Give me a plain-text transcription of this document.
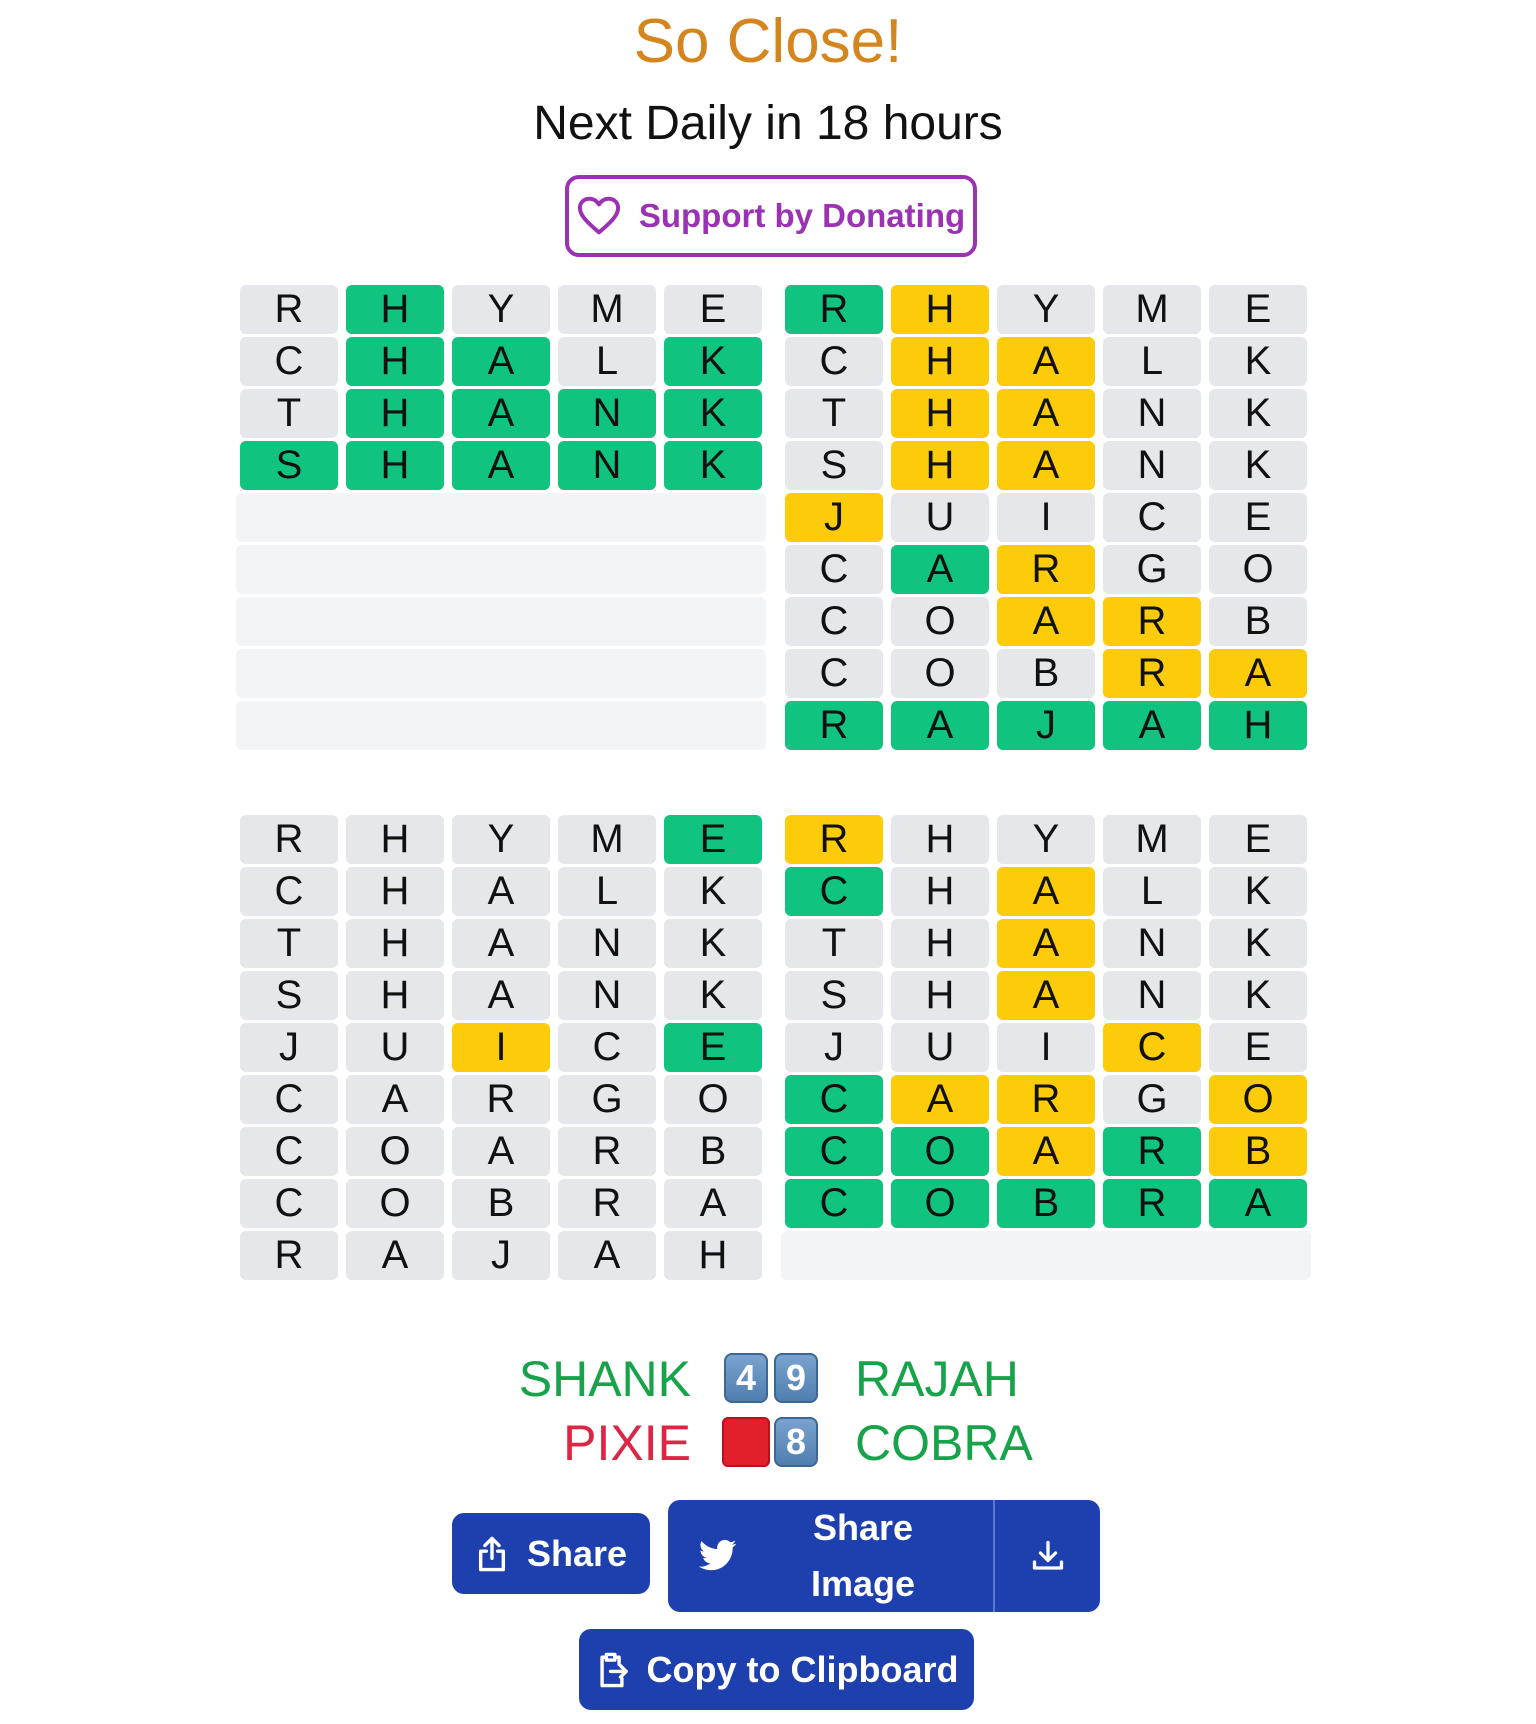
So Close!
Next Daily in 18 hours
Support by Donating
R	H	Y	M	E
C	H	A	L	K
T	H	A	N	K
S	H	A	N	K
R	H	Y	M	E
C	H	A	L	K
T	H	A	N	K
S	H	A	N	K
J	U	I	C	E
C	A	R	G	O
C	O	A	R	B
C	O	B	R	A
R	A	J	A	H
R	H	Y	M	E
C	H	A	L	K
T	H	A	N	K
S	H	A	N	K
J	U	I	C	E
C	A	R	G	O
C	O	A	R	B
C	O	B	R	A
R	A	J	A	H
R	H	Y	M	E
C	H	A	L	K
T	H	A	N	K
S	H	A	N	K
J	U	I	C	E
C	A	R	G	O
C	O	A	R	B
C	O	B	R	A
SHANK	4 9 RAJAH
PIXIE	8 COBRA
Share
Share
Image
Copy to Clipboard
